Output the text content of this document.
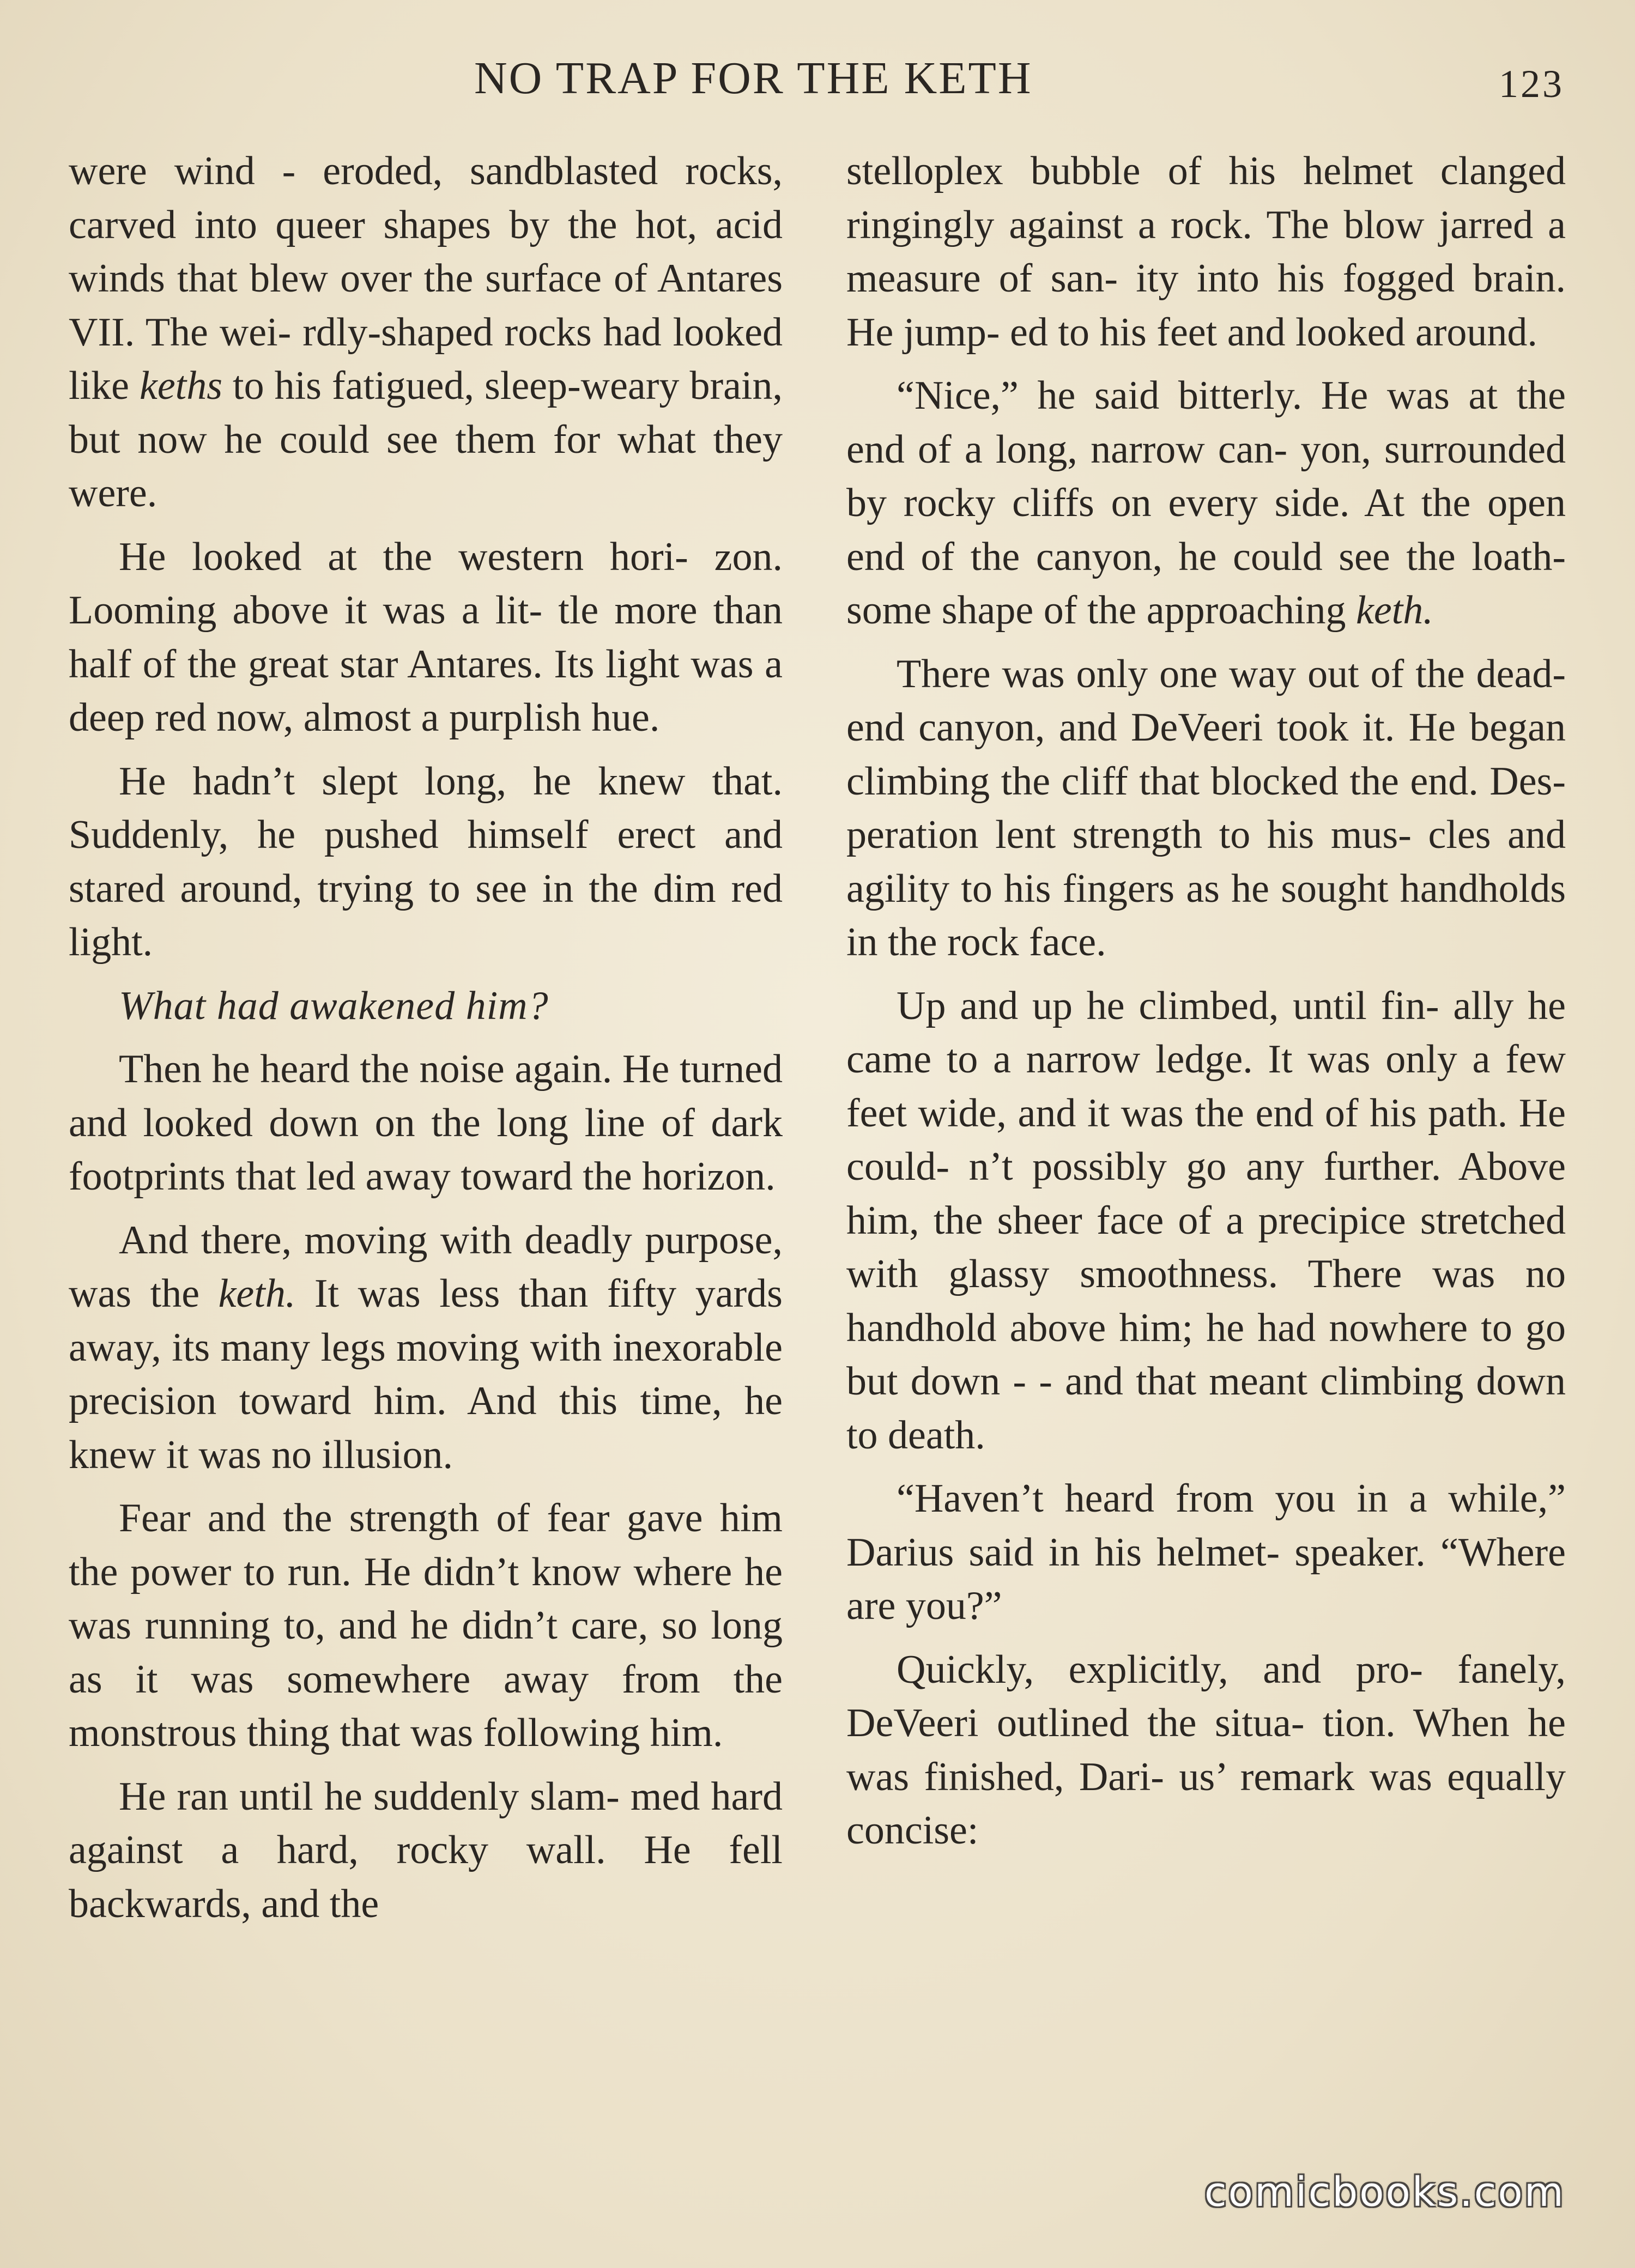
NO TRAP FOR THE KETH	123

were wind - eroded, sandblasted rocks, carved into queer shapes by the hot, acid winds that blew over the surface of Antares VII. The wei- rdly-shaped rocks had looked like keths to his fatigued, sleep-weary brain, but now he could see them for what they were.

He looked at the western hori- zon. Looming above it was a lit- tle more than half of the great star Antares. Its light was a deep red now, almost a purplish hue.

He hadn’t slept long, he knew that. Suddenly, he pushed himself erect and stared around, trying to see in the dim red light.

What had awakened him?

Then he heard the noise again. He turned and looked down on the long line of dark footprints that led away toward the horizon.

And there, moving with deadly purpose, was the keth. It was less than fifty yards away, its many legs moving with inexorable precision toward him. And this time, he knew it was no illusion.

Fear and the strength of fear gave him the power to run. He didn’t know where he was running to, and he didn’t care, so long as it was somewhere away from the monstrous thing that was following him.

He ran until he suddenly slam- med hard against a hard, rocky wall. He fell backwards, and the

stelloplex bubble of his helmet clanged ringingly against a rock. The blow jarred a measure of san- ity into his fogged brain. He jump- ed to his feet and looked around.

“Nice,” he said bitterly. He was at the end of a long, narrow can- yon, surrounded by rocky cliffs on every side. At the open end of the canyon, he could see the loath- some shape of the approaching keth.

There was only one way out of the dead-end canyon, and DeVeeri took it. He began climbing the cliff that blocked the end. Des- peration lent strength to his mus- cles and agility to his fingers as he sought handholds in the rock face.

Up and up he climbed, until fin- ally he came to a narrow ledge. It was only a few feet wide, and it was the end of his path. He could- n’t possibly go any further. Above him, the sheer face of a precipice stretched with glassy smoothness. There was no handhold above him; he had nowhere to go but down - - and that meant climbing down to death.

“Haven’t heard from you in a while,” Darius said in his helmet- speaker. “Where are you?”

Quickly, explicitly, and pro- fanely, DeVeeri outlined the situa- tion. When he was finished, Dari- us’ remark was equally concise:

comicbooks.com
